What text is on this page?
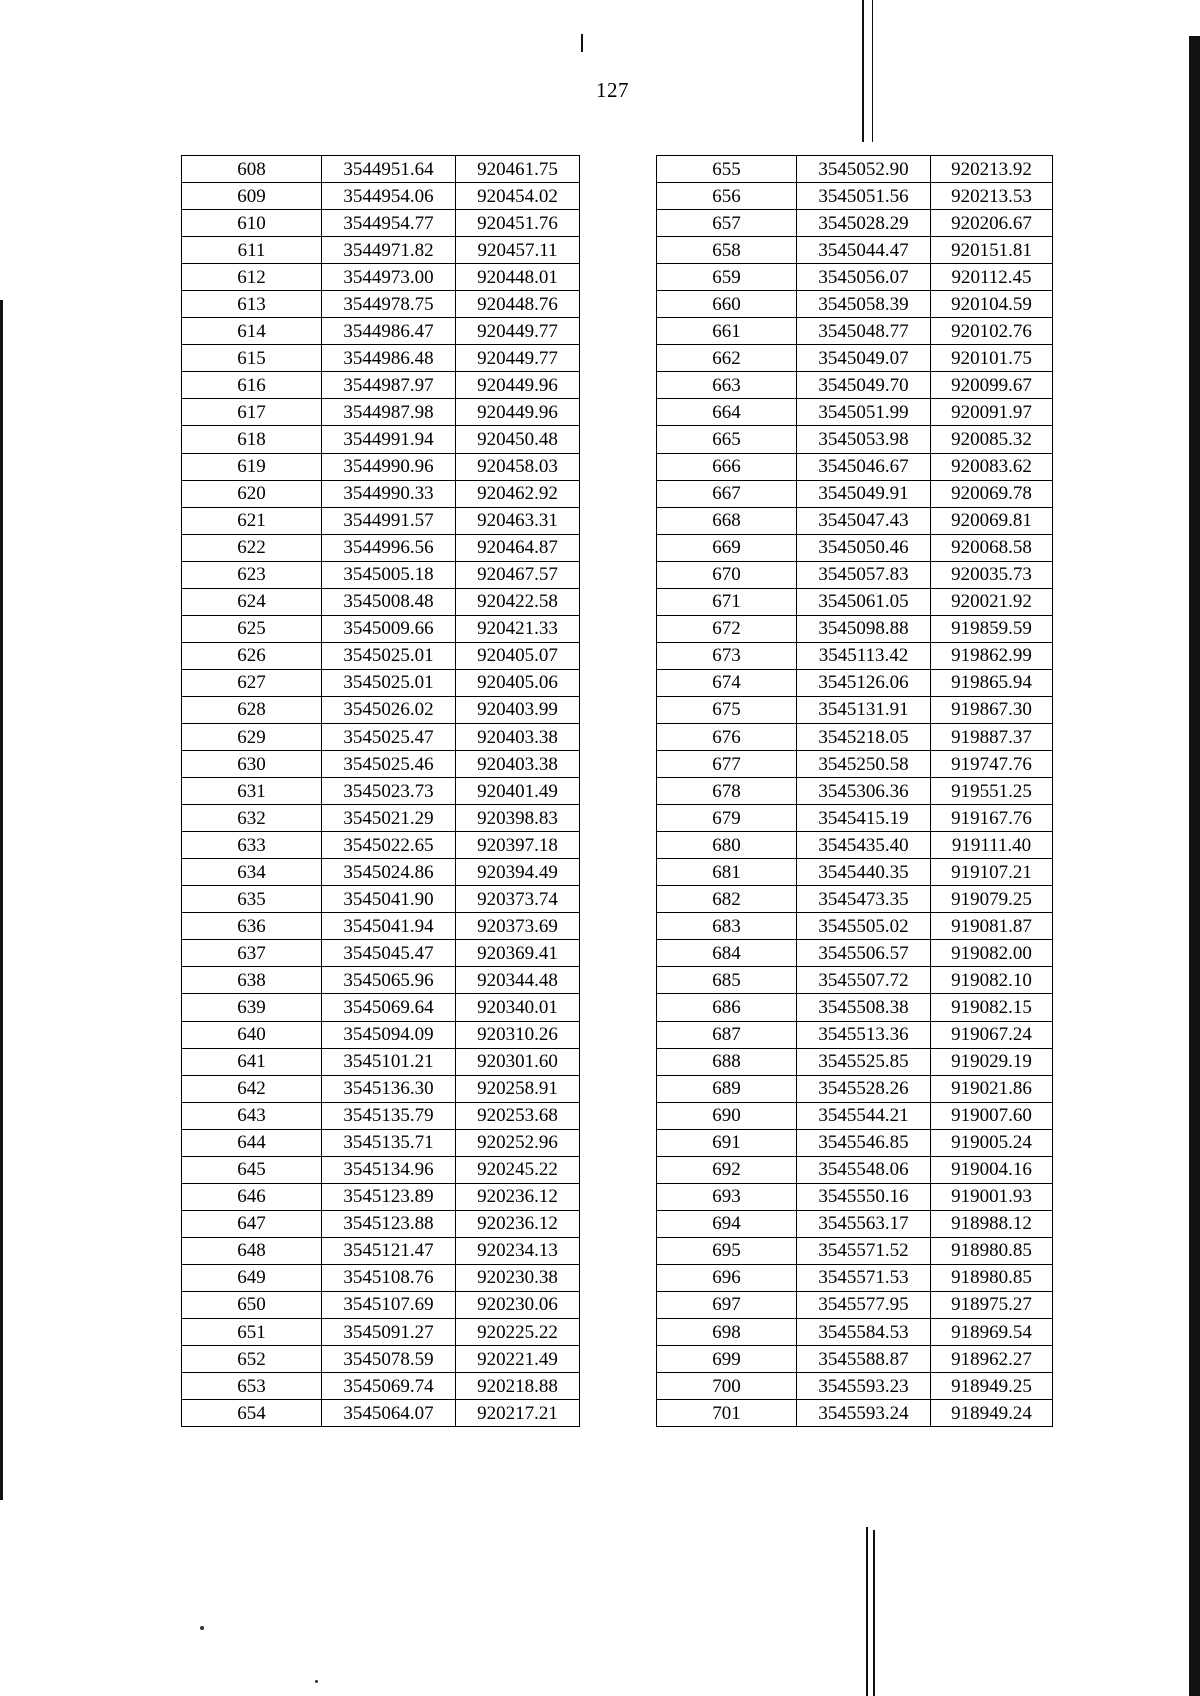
127
608	3544951.64	920461.75
609	3544954.06	920454.02
610	3544954.77	920451.76
611	3544971.82	920457.11
612	3544973.00	920448.01
613	3544978.75	920448.76
614	3544986.47	920449.77
615	3544986.48	920449.77
616	3544987.97	920449.96
617	3544987.98	920449.96
618	3544991.94	920450.48
619	3544990.96	920458.03
620	3544990.33	920462.92
621	3544991.57	920463.31
622	3544996.56	920464.87
623	3545005.18	920467.57
624	3545008.48	920422.58
625	3545009.66	920421.33
626	3545025.01	920405.07
627	3545025.01	920405.06
628	3545026.02	920403.99
629	3545025.47	920403.38
630	3545025.46	920403.38
631	3545023.73	920401.49
632	3545021.29	920398.83
633	3545022.65	920397.18
634	3545024.86	920394.49
635	3545041.90	920373.74
636	3545041.94	920373.69
637	3545045.47	920369.41
638	3545065.96	920344.48
639	3545069.64	920340.01
640	3545094.09	920310.26
641	3545101.21	920301.60
642	3545136.30	920258.91
643	3545135.79	920253.68
644	3545135.71	920252.96
645	3545134.96	920245.22
646	3545123.89	920236.12
647	3545123.88	920236.12
648	3545121.47	920234.13
649	3545108.76	920230.38
650	3545107.69	920230.06
651	3545091.27	920225.22
652	3545078.59	920221.49
653	3545069.74	920218.88
654	3545064.07	920217.21
655	3545052.90	920213.92
656	3545051.56	920213.53
657	3545028.29	920206.67
658	3545044.47	920151.81
659	3545056.07	920112.45
660	3545058.39	920104.59
661	3545048.77	920102.76
662	3545049.07	920101.75
663	3545049.70	920099.67
664	3545051.99	920091.97
665	3545053.98	920085.32
666	3545046.67	920083.62
667	3545049.91	920069.78
668	3545047.43	920069.81
669	3545050.46	920068.58
670	3545057.83	920035.73
671	3545061.05	920021.92
672	3545098.88	919859.59
673	3545113.42	919862.99
674	3545126.06	919865.94
675	3545131.91	919867.30
676	3545218.05	919887.37
677	3545250.58	919747.76
678	3545306.36	919551.25
679	3545415.19	919167.76
680	3545435.40	919111.40
681	3545440.35	919107.21
682	3545473.35	919079.25
683	3545505.02	919081.87
684	3545506.57	919082.00
685	3545507.72	919082.10
686	3545508.38	919082.15
687	3545513.36	919067.24
688	3545525.85	919029.19
689	3545528.26	919021.86
690	3545544.21	919007.60
691	3545546.85	919005.24
692	3545548.06	919004.16
693	3545550.16	919001.93
694	3545563.17	918988.12
695	3545571.52	918980.85
696	3545571.53	918980.85
697	3545577.95	918975.27
698	3545584.53	918969.54
699	3545588.87	918962.27
700	3545593.23	918949.25
701	3545593.24	918949.24
